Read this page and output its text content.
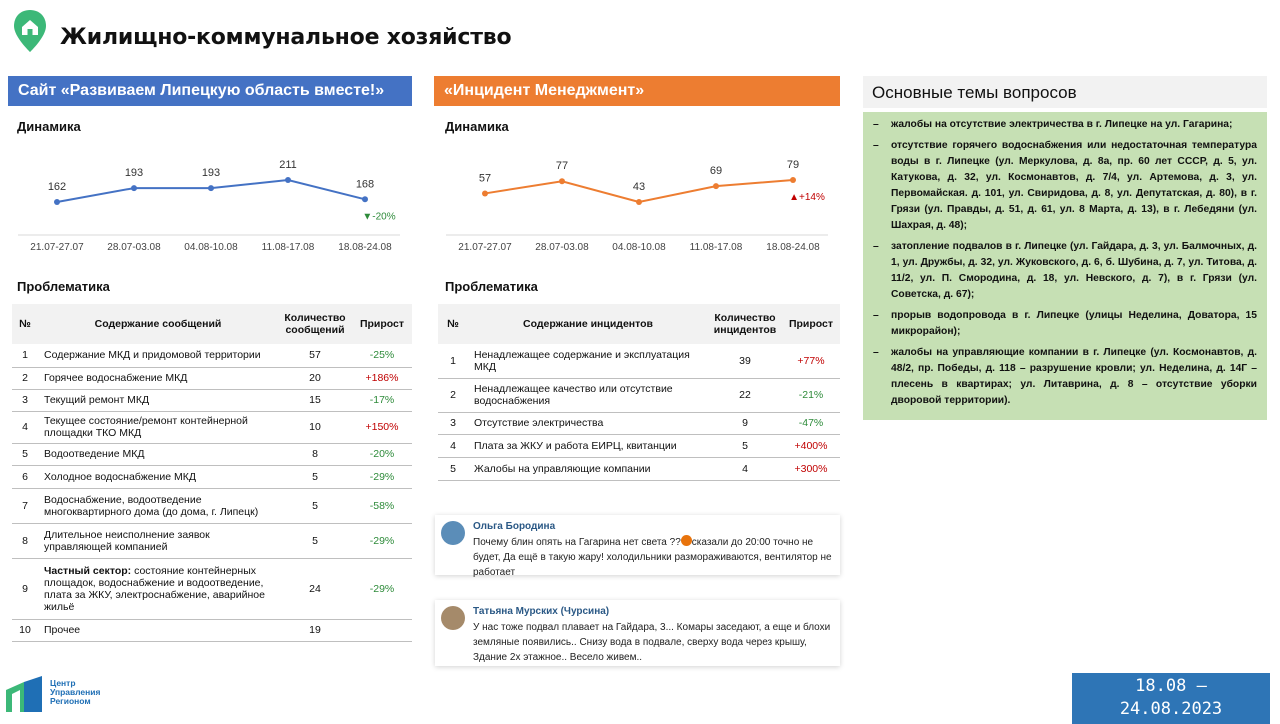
Жилищно-коммунальное хозяйство
Сайт «Развиваем Липецкую область вместе!»
Динамика
162
21.07-27.07
193
28.07-03.08
193
04.08-10.08
211
11.08-17.08
168
18.08-24.08
▼-20%
Проблематика
№	Содержание сообщений	Количество сообщений	Прирост
1	Содержание МКД и придомовой территории	57	-25%
2	Горячее водоснабжение МКД	20	+186%
3	Текущий ремонт МКД	15	-17%
4	Текущее состояние/ремонт контейнерной площадки ТКО МКД	10	+150%
5	Водоотведение МКД	8	-20%
6	Холодное водоснабжение МКД	5	-29%
7	Водоснабжение, водоотведение многоквартирного дома (до дома, г. Липецк)	5	-58%
8	Длительное неисполнение заявок управляющей компанией	5	-29%
9	Частный сектор: состояние контейнерных площадок, водоснабжение и водоотведение, плата за ЖКУ, электроснабжение, аварийное жильё	24	-29%
10	Прочее	19	
«Инцидент Менеджмент»
Динамика
57
21.07-27.07
77
28.07-03.08
43
04.08-10.08
69
11.08-17.08
79
18.08-24.08
▲+14%
Проблематика
№	Содержание инцидентов	Количество инцидентов	Прирост
1	Ненадлежащее содержание и эксплуатация МКД	39	+77%
2	Ненадлежащее качество или отсутствие водоснабжения	22	-21%
3	Отсутствие электричества	9	-47%
4	Плата за ЖКУ и работа ЕИРЦ, квитанции	5	+400%
5	Жалобы на управляющие компании	4	+300%
Ольга Бородина
Почему блин опять на Гагарина нет света ?? сказали до 20:00 точно не будет, Да ещё в такую жару! холодильники размораживаются, вентилятор не работает
Татьяна Мурских (Чурсина)
У нас тоже подвал плавает на Гайдара, 3... Комары заседают, а еще и блохи земляные появились.. Снизу вода в подвале, сверху вода через крышу, Здание 2х этажное.. Весело живем..
Основные темы вопросов
– жалобы на отсутствие электричества в г. Липецке на ул. Гагарина;
– отсутствие горячего водоснабжения или недостаточная температура воды в г. Липецке (ул. Меркулова, д. 8а, пр. 60 лет СССР, д. 5, ул. Катукова, д. 32, ул. Космонавтов, д. 7/4, ул. Артемова, д. 3, ул. Первомайская. д. 101, ул. Свиридова, д. 8, ул. Депутатская, д. 80), в г. Грязи (ул. Правды, д. 51, д. 61, ул. 8 Марта, д. 13), в г. Лебедяни (ул. Шахрая, д. 48);
– затопление подвалов в г. Липецке (ул. Гайдара, д. 3, ул. Балмочных, д. 1, ул. Дружбы, д. 32, ул. Жуковского, д. 6, б. Шубина, д. 7, ул. Титова, д. 11/2, ул. П. Смородина, д. 18, ул. Невского, д. 7), в г. Грязи (ул. Советска, д. 67);
– прорыв водопровода в г. Липецке (улицы Неделина, Доватора, 15 микрорайон);
– жалобы на управляющие компании в г. Липецке (ул. Космонавтов, д. 48/2, пр. Победы, д. 118 – разрушение кровли; ул. Неделина, д. 14Г – плесень в квартирах; ул. Литаврина, д. 8 – отсутствие уборки дворовой территории).
Центр
Управления
Регионом
18.08 –
24.08.2023
